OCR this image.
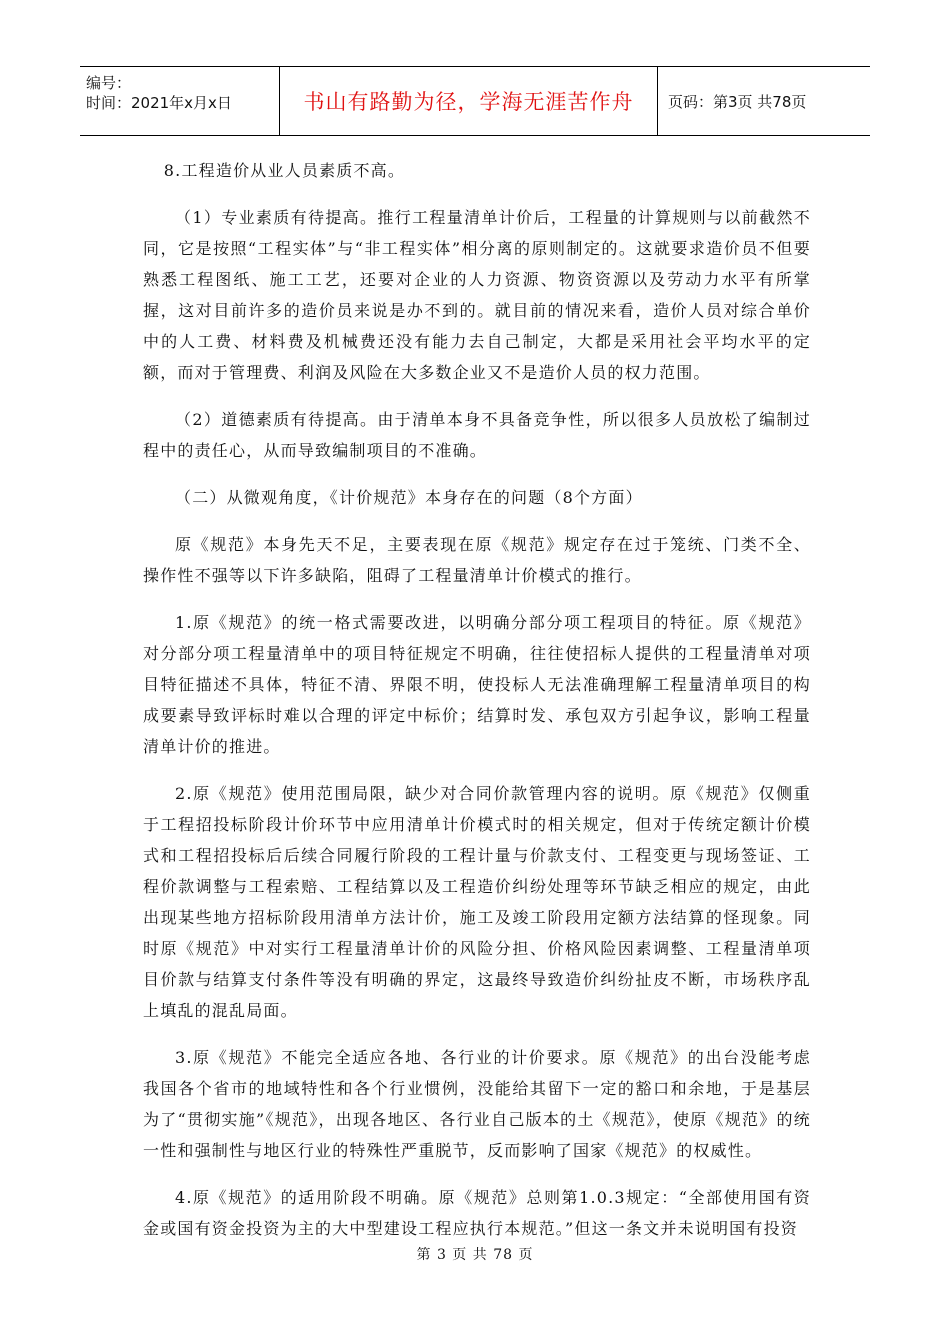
编号：
时间：2021年x月x日	书山有路勤为径，学海无涯苦作舟	页码：第3页 共78页

8.工程造价从业人员素质不高。

（1）专业素质有待提高。推行工程量清单计价后，工程量的计算规则与以前截然不同，它是按照“工程实体”与“非工程实体”相分离的原则制定的。这就要求造价员不但要熟悉工程图纸、施工工艺，还要对企业的人力资源、物资资源以及劳动力水平有所掌握，这对目前许多的造价员来说是办不到的。就目前的情况来看，造价人员对综合单价中的人工费、材料费及机械费还没有能力去自己制定，大都是采用社会平均水平的定额，而对于管理费、利润及风险在大多数企业又不是造价人员的权力范围。

（2）道德素质有待提高。由于清单本身不具备竞争性，所以很多人员放松了编制过程中的责任心，从而导致编制项目的不准确。

（二）从微观角度，《计价规范》本身存在的问题（8个方面）

原《规范》本身先天不足，主要表现在原《规范》规定存在过于笼统、门类不全、操作性不强等以下许多缺陷，阻碍了工程量清单计价模式的推行。

1.原《规范》的统一格式需要改进，以明确分部分项工程项目的特征。原《规范》对分部分项工程量清单中的项目特征规定不明确，往往使招标人提供的工程量清单对项目特征描述不具体，特征不清、界限不明，使投标人无法准确理解工程量清单项目的构成要素导致评标时难以合理的评定中标价；结算时发、承包双方引起争议，影响工程量清单计价的推进。

2.原《规范》使用范围局限，缺少对合同价款管理内容的说明。原《规范》仅侧重于工程招投标阶段计价环节中应用清单计价模式时的相关规定，但对于传统定额计价模式和工程招投标后后续合同履行阶段的工程计量与价款支付、工程变更与现场签证、工程价款调整与工程索赔、工程结算以及工程造价纠纷处理等环节缺乏相应的规定，由此出现某些地方招标阶段用清单方法计价，施工及竣工阶段用定额方法结算的怪现象。同时原《规范》中对实行工程量清单计价的风险分担、价格风险因素调整、工程量清单项目价款与结算支付条件等没有明确的界定，这最终导致造价纠纷扯皮不断，市场秩序乱上填乱的混乱局面。

3.原《规范》不能完全适应各地、各行业的计价要求。原《规范》的出台没能考虑我国各个省市的地域特性和各个行业惯例，没能给其留下一定的豁口和余地，于是基层为了“贯彻实施”《规范》，出现各地区、各行业自己版本的土《规范》，使原《规范》的统一性和强制性与地区行业的特殊性严重脱节，反而影响了国家《规范》的权威性。

4.原《规范》的适用阶段不明确。原《规范》总则第1.0.3规定：“全部使用国有资金或国有资金投资为主的大中型建设工程应执行本规范。”但这一条文并未说明国有投资

第 3 页 共 78 页
